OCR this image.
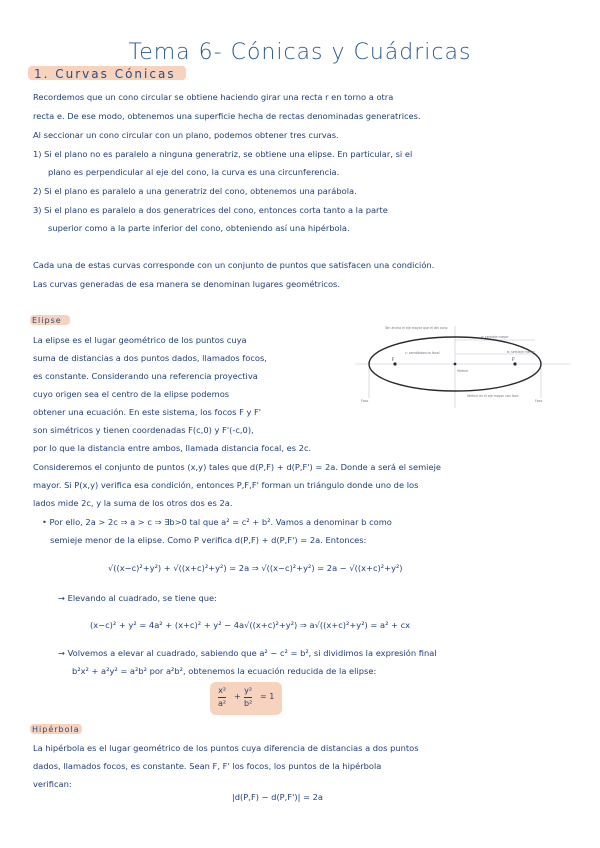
Tema 6- Cónicas y Cuádricas
1. Curvas Cónicas
Recordemos que un cono circular se obtiene haciendo girar una recta r en torno a otra
recta e. De ese modo, obtenemos una superficie hecha de rectas denominadas generatrices.
Al seccionar un cono circular con un plano, podemos obtener tres curvas.
1) Si el plano no es paralelo a ninguna generatriz, se obtiene una elipse. En particular, si el
plano es perpendicular al eje del cono, la curva es una circunferencia.
2) Si el plano es paralelo a una generatriz del cono, obtenemos una parábola.
3) Si el plano es paralelo a dos generatrices del cono, entonces corta tanto a la parte
superior como a la parte inferior del cono, obteniendo así una hipérbola.
Cada una de estas curvas corresponde con un conjunto de puntos que satisfacen una condición.
Las curvas generadas de esa manera se denominan lugares geométricos.
Elipse
La elipse es el lugar geométrico de los puntos cuya
suma de distancias a dos puntos dados, llamados focos,
es constante. Considerando una referencia proyectiva
cuyo origen sea el centro de la elipse podemos
obtener una ecuación. En este sistema, los focos F y F'
son simétricos y tienen coordenadas F(c,0) y F'(-c,0),
por lo que la distancia entre ambos, llamada distancia focal, es 2c.
Tan ancho el eje mayor que el del cono
a: semieje mayor
b: semieje menor
c: semidistancia focal
Vértice
Foco	Foco
Vértice en el eje mayor con foco
F	F'
Consideremos el conjunto de puntos (x,y) tales que d(P,F) + d(P,F') = 2a. Donde a será el semieje
mayor. Si P(x,y) verifica esa condición, entonces P,F,F' forman un triángulo donde uno de los
lados mide 2c, y la suma de los otros dos es 2a.
• Por ello, 2a > 2c ⇒ a > c ⇒ ∃b>0 tal que a² = c² + b². Vamos a denominar b como
semieje menor de la elipse. Como P verifica d(P,F) + d(P,F') = 2a. Entonces:
√((x−c)²+y²) + √((x+c)²+y²) = 2a ⇒ √((x−c)²+y²) = 2a − √((x+c)²+y²)
→ Elevando al cuadrado, se tiene que:
(x−c)² + y² = 4a² + (x+c)² + y² − 4a√((x+c)²+y²) ⇒ a√((x+c)²+y²) = a² + cx
→ Volvemos a elevar al cuadrado, sabiendo que a² − c² = b², si dividimos la expresión final
b²x² + a²y² = a²b² por a²b², obtenemos la ecuación reducida de la elipse:
$\frac{\text{x²}}{\text{a²}} + \frac{\text{y²}}{\text{b²}} = 1$
Hipérbola
La hipérbola es el lugar geométrico de los puntos cuya diferencia de distancias a dos puntos
dados, llamados focos, es constante. Sean F, F' los focos, los puntos de la hipérbola
verifican:
|d(P,F) − d(P,F')| = 2a
